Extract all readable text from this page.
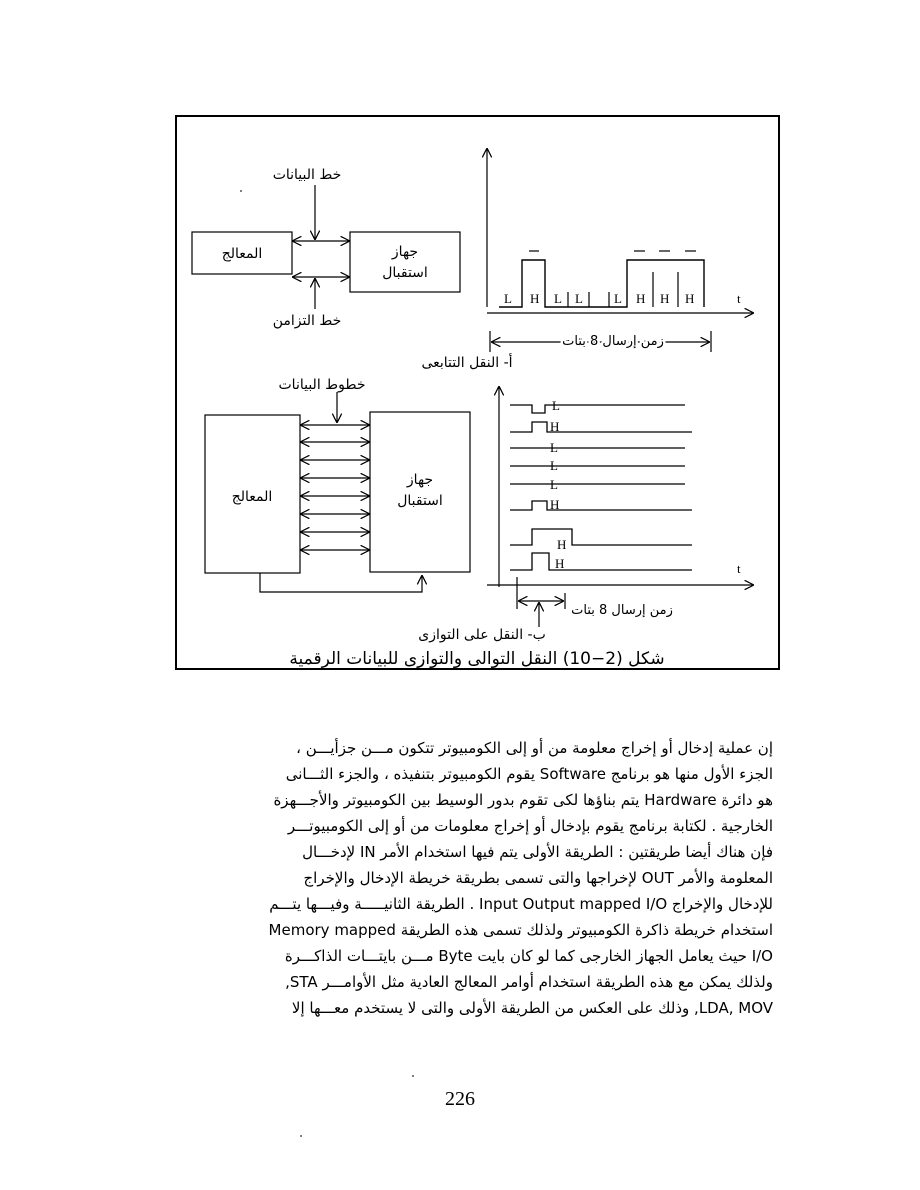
خط البيانات
المعالج	جهاز
استقبال
خط التزامن
L H L L L H H H	t
زمن إرسال 8 بتات
أ- النقل التتابعى
خطوط البيانات
المعالج
جهاز
استقبال
L
H
L
L
L
H
H
H	t
زمن إرسال 8 بتات
ب- النقل على التوازى
شكل (2−10) النقل التوالى والتوازى للبيانات الرقمية
إن عملية إدخال أو إخراج معلومة من أو إلى الكومبيوتر تتكون مـــن جزأيـــن ،
الجزء الأول منها هو برنامج Software يقوم الكومبيوتر بتنفيذه ، والجزء الثـــانى
هو دائرة Hardware يتم بناؤها لكى تقوم بدور الوسيط بين الكومبيوتر والأجـــهزة
الخارجية . لكتابة برنامج يقوم بإدخال أو إخراج معلومات من أو إلى الكومبيوتـــر
فإن هناك أيضا طريقتين : الطريقة الأولى يتم فيها استخدام الأمر IN لإدخـــال
المعلومة والأمر OUT لإخراجها والتى تسمى بطريقة خريطة الإدخال والإخراج
للإدخال والإخراج Input Output mapped I/O . الطريقة الثانيـــــة وفيـــها يتـــم
استخدام خريطة ذاكرة الكومبيوتر ولذلك تسمى هذه الطريقة Memory mapped
I/O حيث يعامل الجهاز الخارجى كما لو كان بايت Byte مـــن بايتـــات الذاكـــرة
ولذلك يمكن مع هذه الطريقة استخدام أوامر المعالج العادية مثل الأوامـــر STA,
LDA, MOV, وذلك على العكس من الطريقة الأولى والتى لا يستخدم معـــها إلا
226
